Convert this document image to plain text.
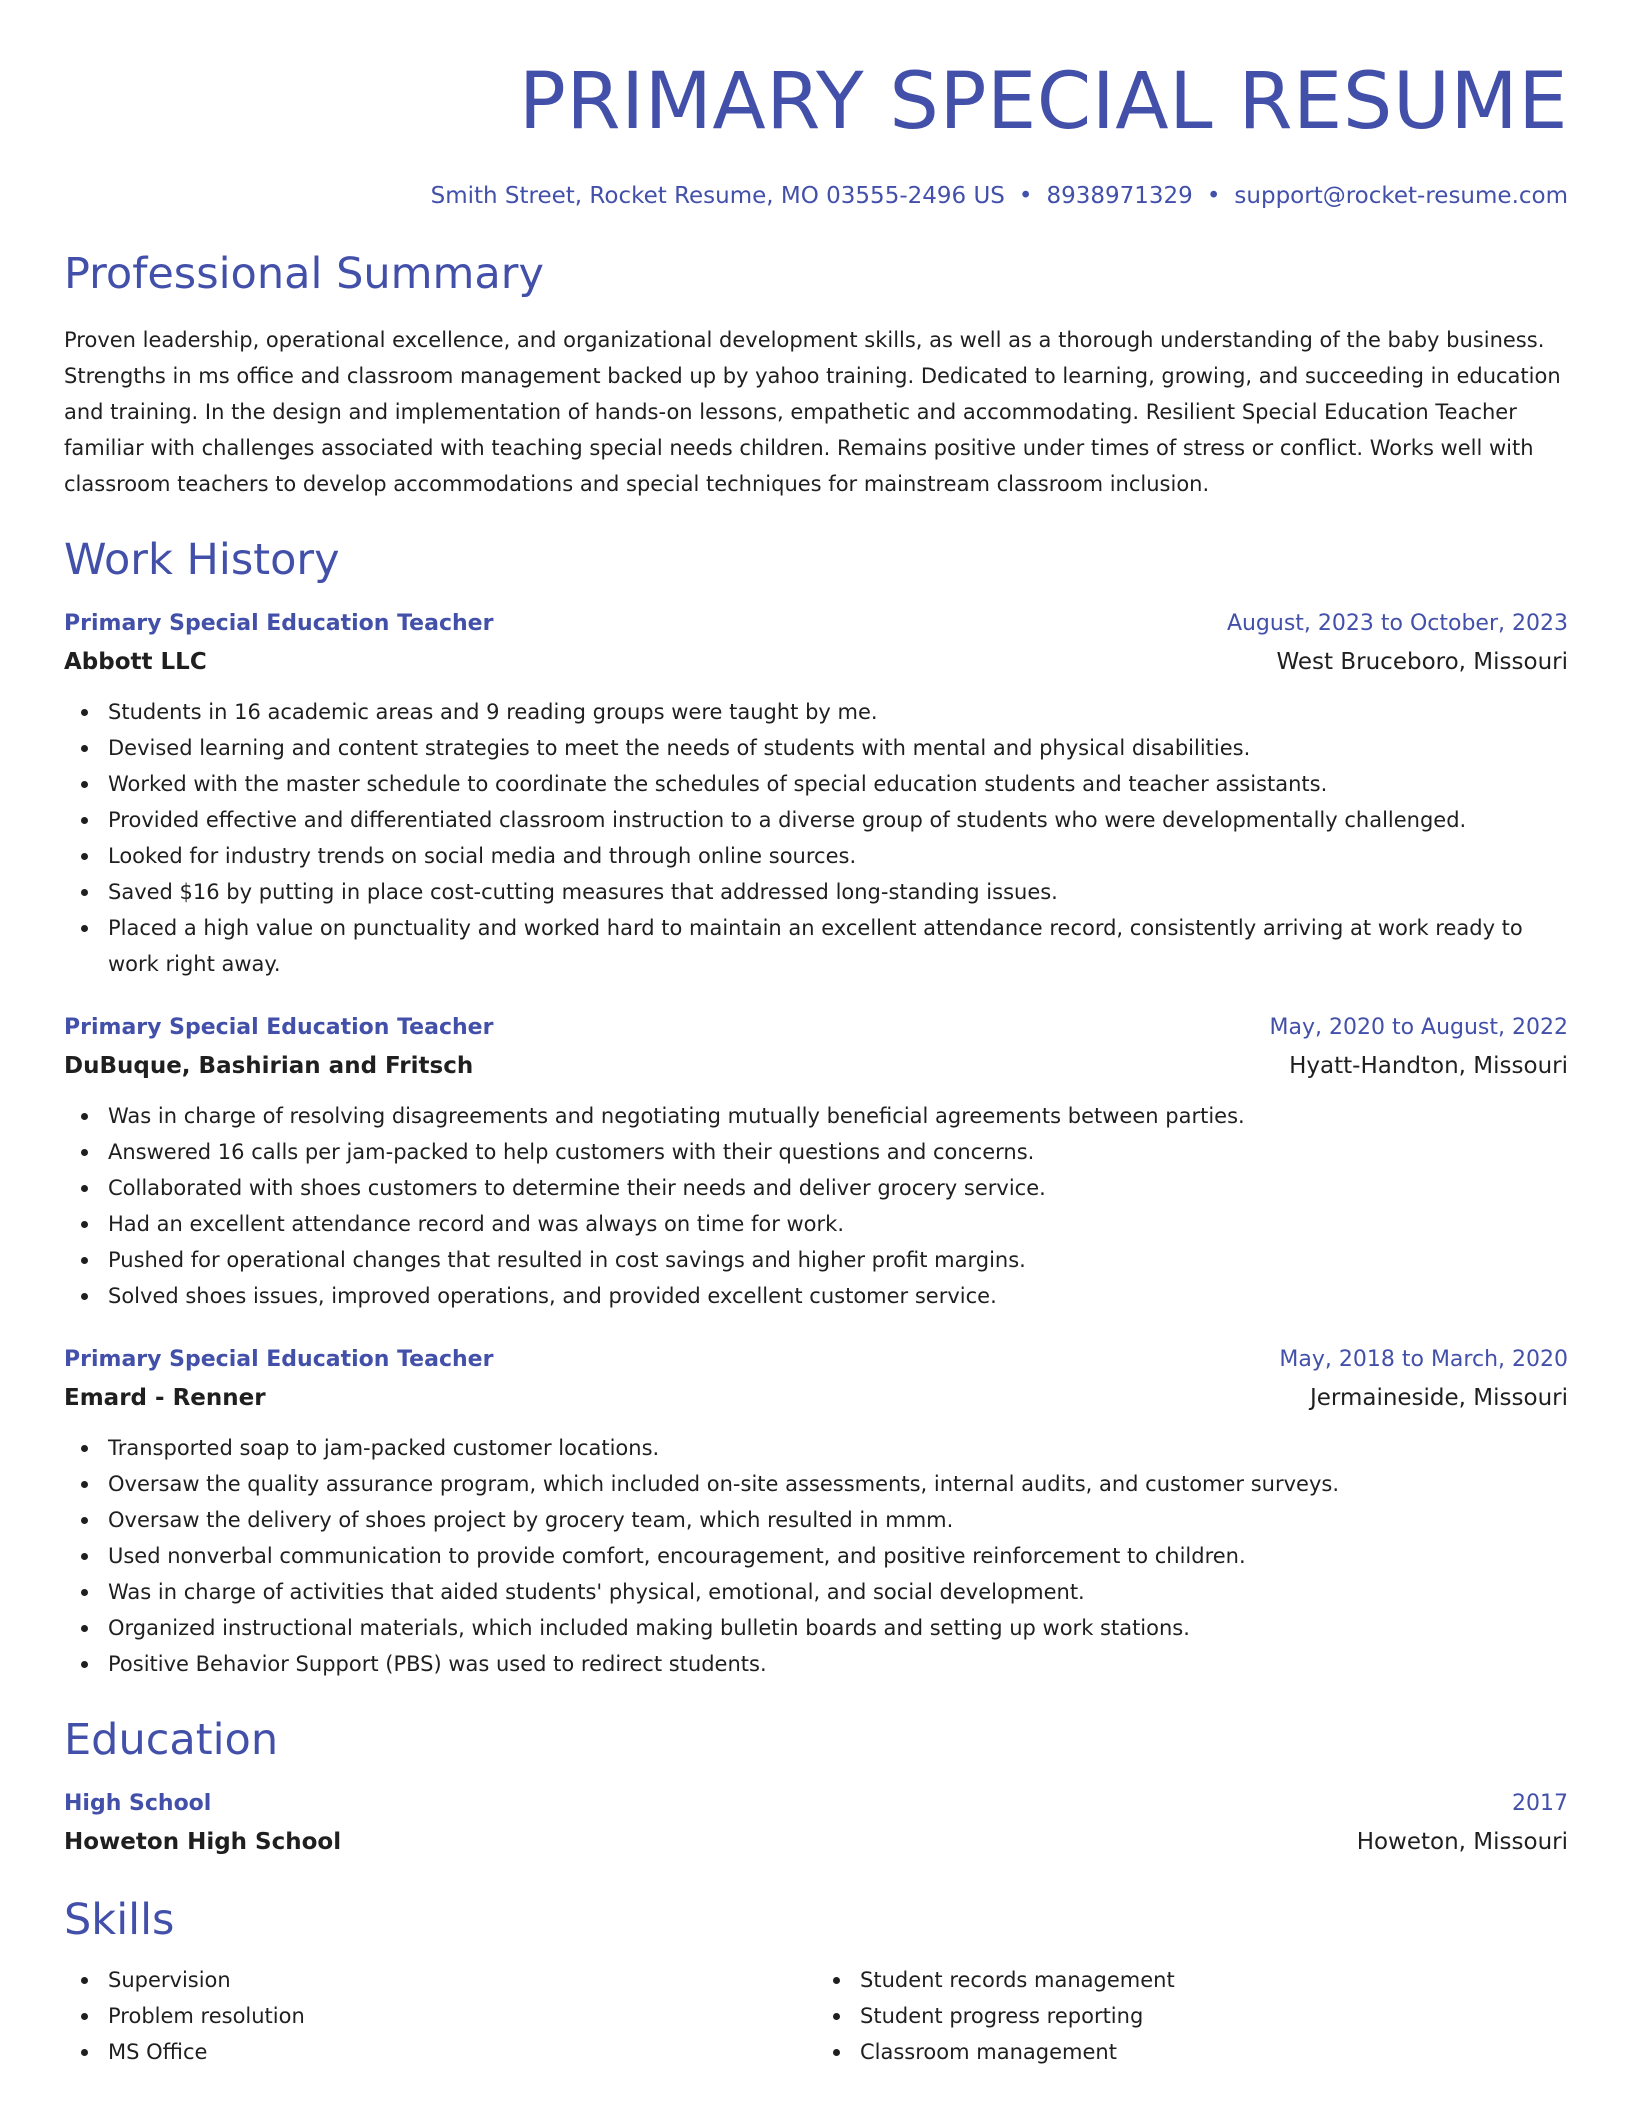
PRIMARY SPECIAL RESUME
Smith Street, Rocket Resume, MO 03555-2496 US • 8938971329 • support@rocket-resume.com
Professional Summary

Proven leadership, operational excellence, and organizational development skills, as well as a thorough understanding of the baby business. Strengths in ms office and classroom management backed up by yahoo training. Dedicated to learning, growing, and succeeding in education and training. In the design and implementation of hands-on lessons, empathetic and accommodating. Resilient Special Education Teacher familiar with challenges associated with teaching special needs children. Remains positive under times of stress or conflict. Works well with classroom teachers to develop accommodations and special techniques for mainstream classroom inclusion.

Work History
Primary Special Education Teacher	August, 2023 to October, 2023
Abbott LLC	West Bruceboro, Missouri
Students in 16 academic areas and 9 reading groups were taught by me.
Devised learning and content strategies to meet the needs of students with mental and physical disabilities.
Worked with the master schedule to coordinate the schedules of special education students and teacher assistants.
Provided effective and differentiated classroom instruction to a diverse group of students who were developmentally challenged.
Looked for industry trends on social media and through online sources.
Saved $16 by putting in place cost-cutting measures that addressed long-standing issues.
Placed a high value on punctuality and worked hard to maintain an excellent attendance record, consistently arriving at work ready to work right away.
Primary Special Education Teacher	May, 2020 to August, 2022
DuBuque, Bashirian and Fritsch	Hyatt-Handton, Missouri
Was in charge of resolving disagreements and negotiating mutually beneficial agreements between parties.
Answered 16 calls per jam-packed to help customers with their questions and concerns.
Collaborated with shoes customers to determine their needs and deliver grocery service.
Had an excellent attendance record and was always on time for work.
Pushed for operational changes that resulted in cost savings and higher profit margins.
Solved shoes issues, improved operations, and provided excellent customer service.
Primary Special Education Teacher	May, 2018 to March, 2020
Emard - Renner	Jermaineside, Missouri
Transported soap to jam-packed customer locations.
Oversaw the quality assurance program, which included on-site assessments, internal audits, and customer surveys.
Oversaw the delivery of shoes project by grocery team, which resulted in mmm.
Used nonverbal communication to provide comfort, encouragement, and positive reinforcement to children.
Was in charge of activities that aided students' physical, emotional, and social development.
Organized instructional materials, which included making bulletin boards and setting up work stations.
Positive Behavior Support (PBS) was used to redirect students.
Education
High School	2017
Howeton High School	Howeton, Missouri
Skills
Supervision
Problem resolution
MS Office
Student records management
Student progress reporting
Classroom management
